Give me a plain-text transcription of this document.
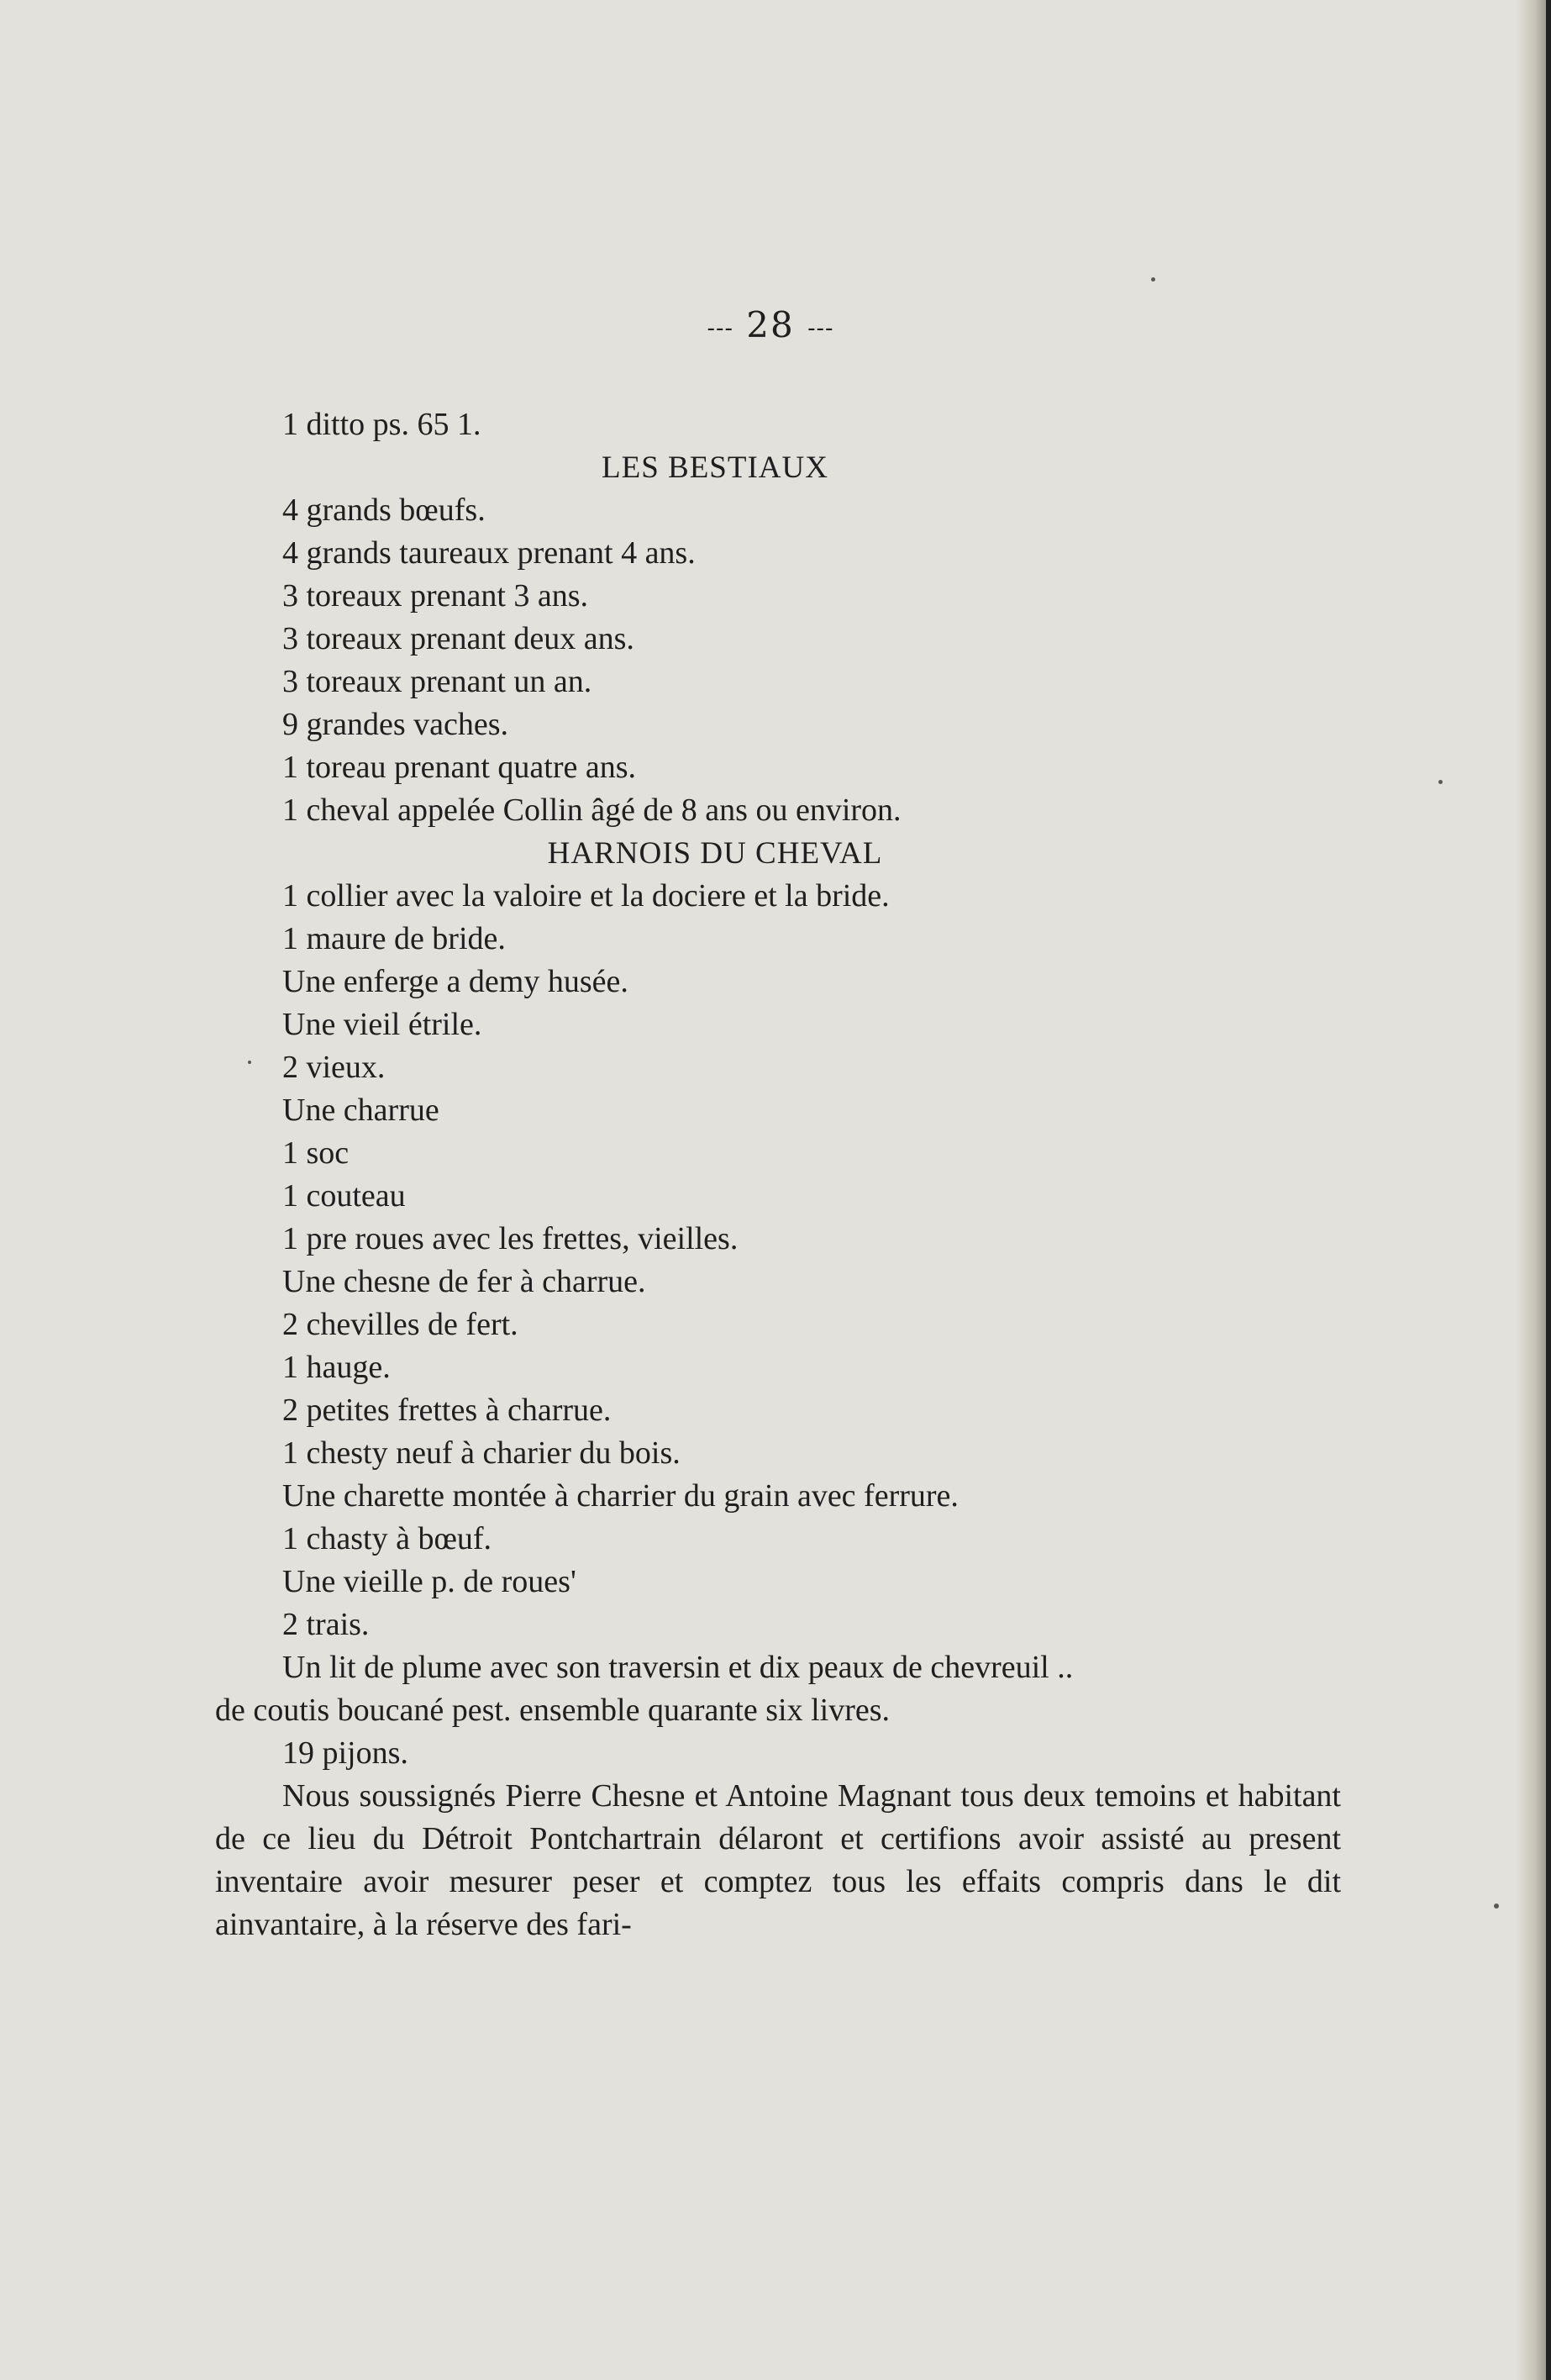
--- 28 ---
1 ditto ps. 65 1.
LES BESTIAUX
4 grands bœufs.
4 grands taureaux prenant 4 ans.
3 toreaux prenant 3 ans.
3 toreaux prenant deux ans.
3 toreaux prenant un an.
9 grandes vaches.
1 toreau prenant quatre ans.
1 cheval appelée Collin âgé de 8 ans ou environ.
HARNOIS DU CHEVAL
1 collier avec la valoire et la dociere et la bride.
1 maure de bride.
Une enferge a demy husée.
Une vieil étrile.
2 vieux.
Une charrue
1 soc
1 couteau
1 pre roues avec les frettes, vieilles.
Une chesne de fer à charrue.
2 chevilles de fert.
1 hauge.
2 petites frettes à charrue.
1 chesty neuf à charier du bois.
Une charette montée à charrier du grain avec ferrure.
1 chasty à bœuf.
Une vieille p. de roues'
2 trais.
Un lit de plume avec son traversin et dix peaux de chevreuil ..
de coutis boucané pest. ensemble quarante six livres.
19 pijons.
Nous soussignés Pierre Chesne et Antoine Magnant tous deux temoins et habitant de ce lieu du Détroit Pontchartrain délaront et certifions avoir assisté au present inventaire avoir mesurer peser et comptez tous les effaits compris dans le dit ainvantaire, à la réserve des fari-
